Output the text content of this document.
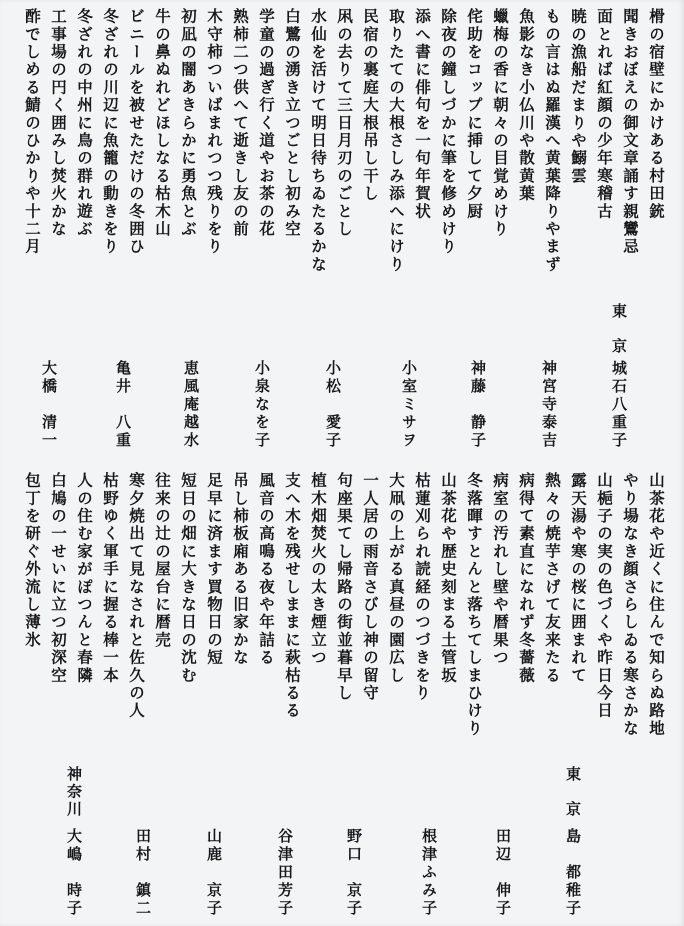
榾の宿壁にかけある村田銃
聞きおぼえの御文章誦す親鸞忌
面とれば紅顔の少年寒稽古
暁の漁船だまりや鰯雲
もの言はぬ羅漢へ黄葉降りやまず
魚影なき小仏川や散黄葉
蠟梅の香に朝々の目覚めけり
侘助をコップに挿して夕厨
除夜の鐘しづかに筆を修めけり
添へ書に俳句を一句年賀状
取りたての大根さしみ添へにけり
民宿の裏庭大根吊し干し
凩の去りて三日月刃のごとし
水仙を活けて明日待ちゐたるかな
白鷺の湧き立つごとし初み空
学童の過ぎ行く道やお茶の花
熟柿二つ供へて逝きし友の前
木守柿ついばまれつつ残りをり
初凪の闇あきらかに勇魚とぶ
牛の鼻ぬれどほしなる枯木山
ビニールを被せただけの冬囲ひ
冬ざれの川辺に魚籠の動きをり
冬ざれの中州に鳥の群れ遊ぶ
工事場の円く囲みし焚火かな
酢でしめる鯖のひかりや十二月
東　京
城石八重子
神宮寺泰吉
神藤　静子
小室ミサヲ
小松　愛子
小泉なを子
恵風庵越水
亀井　八重
大橋　清一
山茶花や近くに住んで知らぬ路地
やり場なき顔さらしゐる寒さかな
山梔子の実の色づくや昨日今日
露天湯や寒の桜に囲まれて
熱々の焼芋さげて友来たる
病得て素直になれず冬薔薇
病室の汚れし壁や暦果つ
冬落暉すとんと落ちてしまひけり
山茶花や歴史刻まる土管坂
枯蓮刈られ読経のつづきをり
大凧の上がる真昼の園広し
一人居の雨音さびし神の留守
句座果てし帰路の街並暮早し
植木畑焚火の太き煙立つ
支へ木を残せしままに萩枯るる
風音の高鳴る夜や年詰る
吊し柿板廂ある旧家かな
足早に済ます買物日の短
短日の畑に大きな日の沈む
往来の辻の屋台に暦売
寒夕焼出て見なされと佐久の人
枯野ゆく軍手に握る棒一本
人の住む家がぽつんと春隣
白鳩の一せいに立つ初深空
包丁を研ぐ外流し薄氷
東　京
島　都稚子
田辺　伸子
根津ふみ子
野口　京子
谷津田芳子
山鹿　京子
田村　鎮二
神奈川
大嶋　時子
